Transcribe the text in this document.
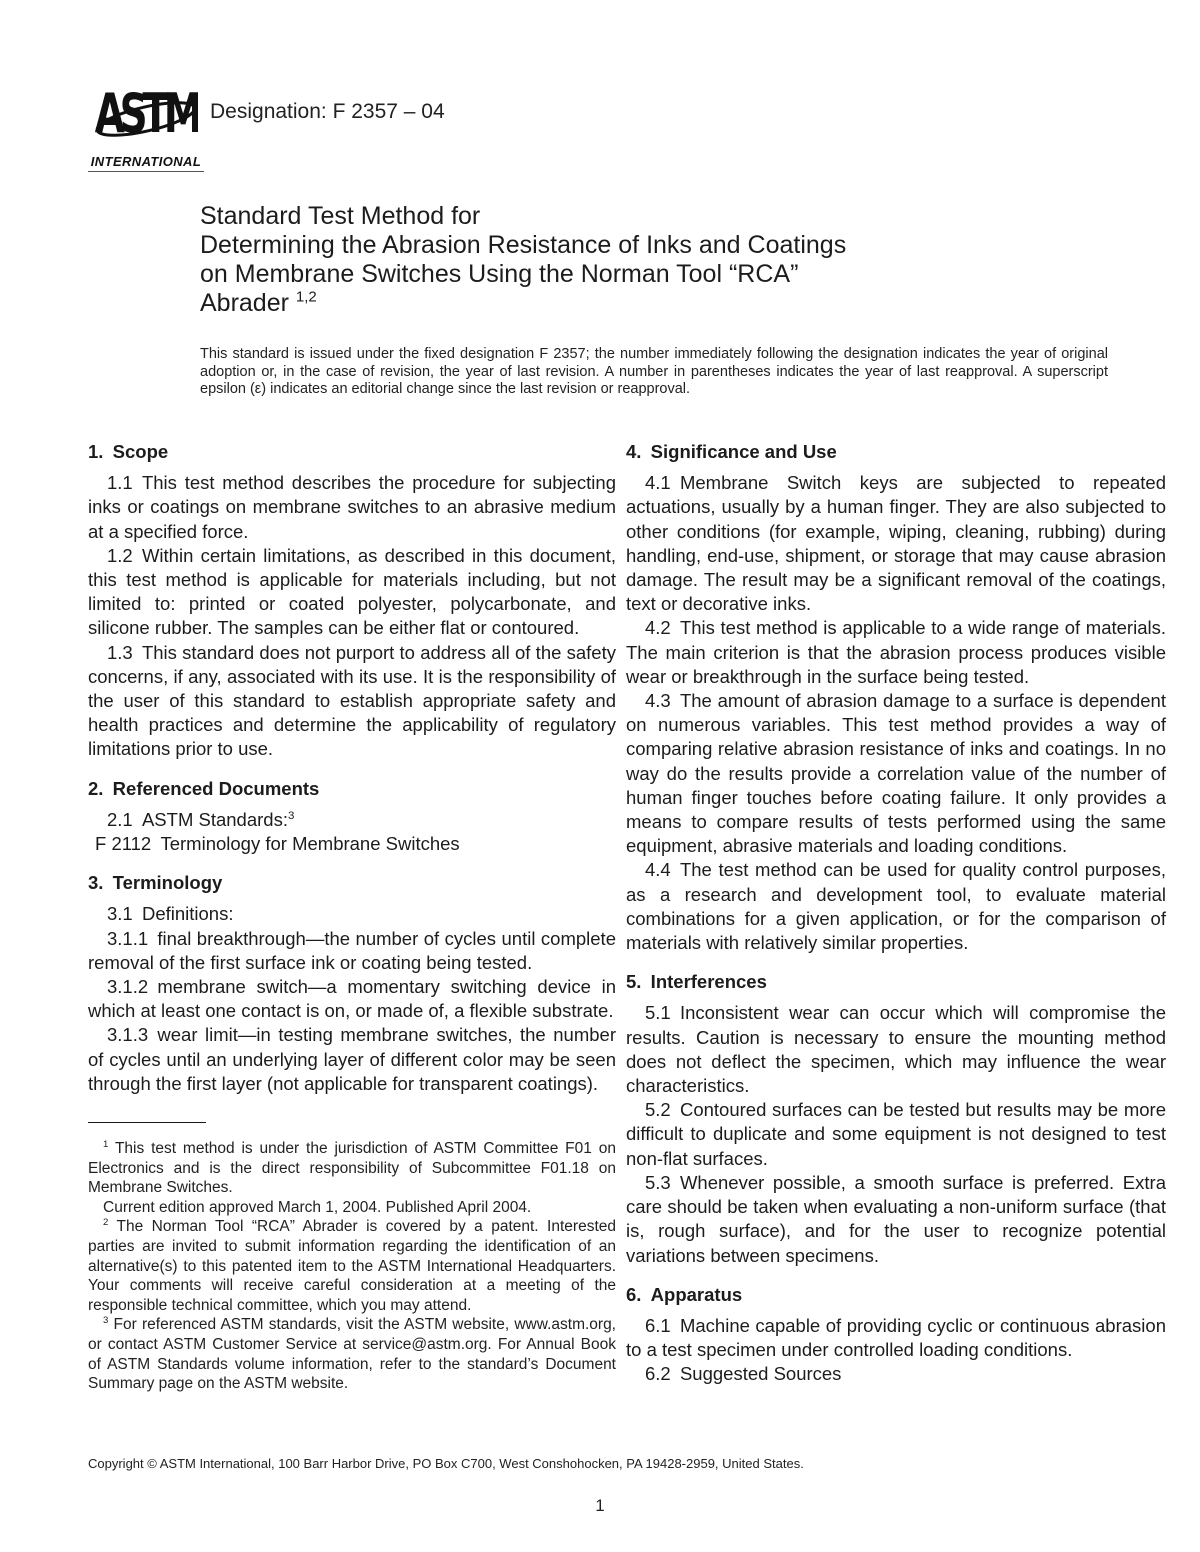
ASTM
INTERNATIONAL
Designation: F 2357 – 04
Standard Test Method for
Determining the Abrasion Resistance of Inks and Coatings
on Membrane Switches Using the Norman Tool “RCA”
Abrader $^{1,2}$

This standard is issued under the fixed designation F 2357; the number immediately following the designation indicates the year of original adoption or, in the case of revision, the year of last revision. A number in parentheses indicates the year of last reapproval. A superscript epsilon (ε) indicates an editorial change since the last revision or reapproval.

1. Scope

1.1 This test method describes the procedure for subjecting inks or coatings on membrane switches to an abrasive medium at a specified force.

1.2 Within certain limitations, as described in this document, this test method is applicable for materials including, but not limited to: printed or coated polyester, polycarbonate, and silicone rubber. The samples can be either flat or contoured.

1.3 This standard does not purport to address all of the safety concerns, if any, associated with its use. It is the responsibility of the user of this standard to establish appropriate safety and health practices and determine the applicability of regulatory limitations prior to use.

2. Referenced Documents

2.1 ASTM Standards:$^3$

F 2112 Terminology for Membrane Switches

3. Terminology

3.1 Definitions:

3.1.1 final breakthrough—the number of cycles until complete removal of the first surface ink or coating being tested.

3.1.2 membrane switch—a momentary switching device in which at least one contact is on, or made of, a flexible substrate.

3.1.3 wear limit—in testing membrane switches, the number of cycles until an underlying layer of different color may be seen through the first layer (not applicable for transparent coatings).

$^1$ This test method is under the jurisdiction of ASTM Committee F01 on Electronics and is the direct responsibility of Subcommittee F01.18 on Membrane Switches.

Current edition approved March 1, 2004. Published April 2004.

$^2$ The Norman Tool “RCA” Abrader is covered by a patent. Interested parties are invited to submit information regarding the identification of an alternative(s) to this patented item to the ASTM International Headquarters. Your comments will receive careful consideration at a meeting of the responsible technical committee, which you may attend.

$^3$ For referenced ASTM standards, visit the ASTM website, www.astm.org, or contact ASTM Customer Service at service@astm.org. For Annual Book of ASTM Standards volume information, refer to the standard’s Document Summary page on the ASTM website.

4. Significance and Use

4.1 Membrane Switch keys are subjected to repeated actuations, usually by a human finger. They are also subjected to other conditions (for example, wiping, cleaning, rubbing) during handling, end-use, shipment, or storage that may cause abrasion damage. The result may be a significant removal of the coatings, text or decorative inks.

4.2 This test method is applicable to a wide range of materials. The main criterion is that the abrasion process produces visible wear or breakthrough in the surface being tested.

4.3 The amount of abrasion damage to a surface is dependent on numerous variables. This test method provides a way of comparing relative abrasion resistance of inks and coatings. In no way do the results provide a correlation value of the number of human finger touches before coating failure. It only provides a means to compare results of tests performed using the same equipment, abrasive materials and loading conditions.

4.4 The test method can be used for quality control purposes, as a research and development tool, to evaluate material combinations for a given application, or for the comparison of materials with relatively similar properties.

5. Interferences

5.1 Inconsistent wear can occur which will compromise the results. Caution is necessary to ensure the mounting method does not deflect the specimen, which may influence the wear characteristics.

5.2 Contoured surfaces can be tested but results may be more difficult to duplicate and some equipment is not designed to test non-flat surfaces.

5.3 Whenever possible, a smooth surface is preferred. Extra care should be taken when evaluating a non-uniform surface (that is, rough surface), and for the user to recognize potential variations between specimens.

6. Apparatus

6.1 Machine capable of providing cyclic or continuous abrasion to a test specimen under controlled loading conditions.

6.2 Suggested Sources

Copyright © ASTM International, 100 Barr Harbor Drive, PO Box C700, West Conshohocken, PA 19428-2959, United States.

1
